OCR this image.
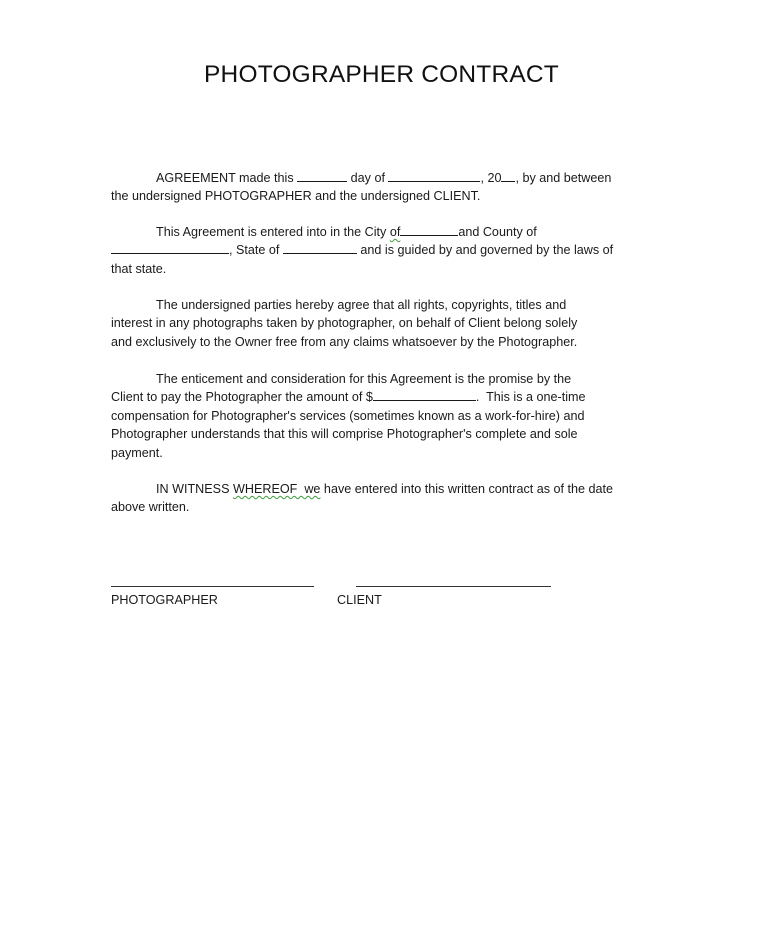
PHOTOGRAPHER CONTRACT

AGREEMENT made this	day of	, 20 , by and between
the undersigned PHOTOGRAPHER and the undersigned CLIENT.

This Agreement is entered into in the City of	and County of
, State of	and is guided by and governed by the laws of
that state.

The undersigned parties hereby agree that all rights, copyrights, titles and
interest in any photographs taken by photographer, on behalf of Client belong solely
and exclusively to the Owner free from any claims whatsoever by the Photographer.

The enticement and consideration for this Agreement is the promise by the
Client to pay the Photographer the amount of $	.  This is a one-time
compensation for Photographer's services (sometimes known as a work-for-hire) and
Photographer understands that this will comprise Photographer's complete and sole
payment.

IN WITNESS WHEREOF  we have entered into this written contract as of the date
above written.

PHOTOGRAPHER	CLIENT
